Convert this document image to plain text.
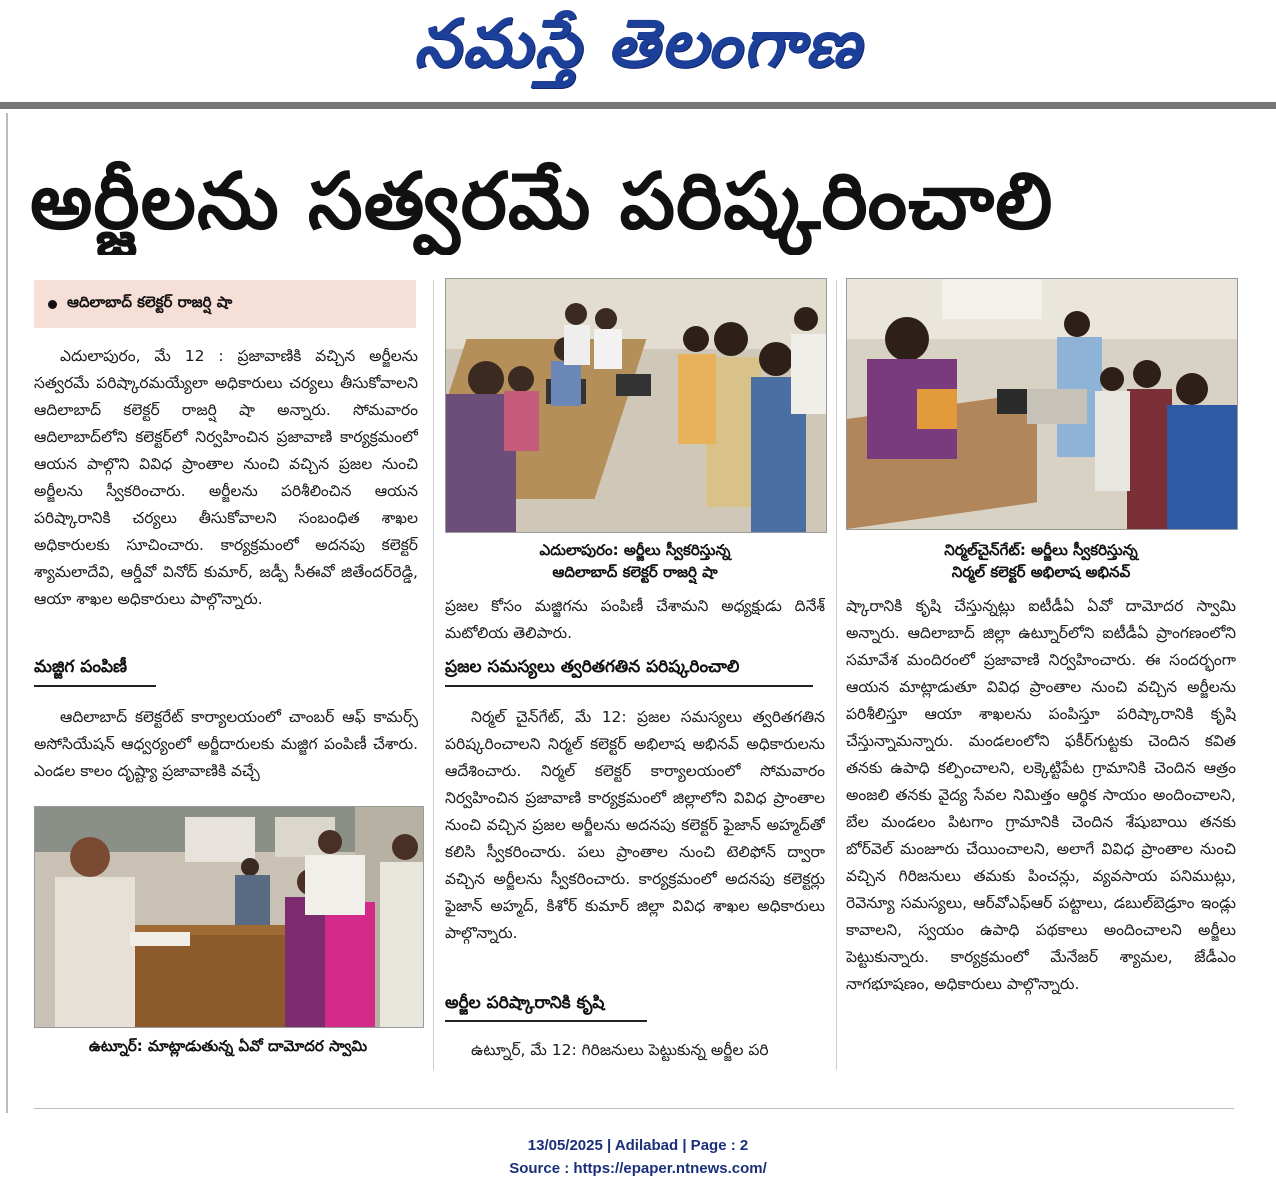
నమస్తే తెలంగాణ
అర్జీలను సత్వరమే పరిష్కరించాలి
ఆదిలాబాద్ కలెక్టర్ రాజర్షి షా

ఎదులాపురం, మే 12 : ప్రజావాణికి వచ్చిన అర్జీలను సత్వరమే పరిష్కారమయ్యేలా అధికారులు చర్యలు తీసుకోవాలని ఆదిలాబాద్ కలెక్టర్ రాజర్షి షా అన్నారు. సోమవారం ఆదిలాబాద్‌లోని కలెక్టర్‌లో నిర్వహించిన ప్రజావాణి కార్యక్రమంలో ఆయన పాల్గొని వివిధ ప్రాంతాల నుంచి వచ్చిన ప్రజల నుంచి అర్జీలను స్వీకరించారు. అర్జీలను పరిశీలించిన ఆయన పరిష్కారానికి చర్యలు తీసుకోవాలని సంబంధిత శాఖల అధికారులకు సూచించారు. కార్యక్రమంలో అదనపు కలెక్టర్ శ్యామలాదేవి, ఆర్డీవో వినోద్ కుమార్, జడ్పీ సీఈవో జితేందర్‌రెడ్డి, ఆయా శాఖల అధికారులు పాల్గొన్నారు.

మజ్జిగ పంపిణీ

ఆదిలాబాద్ కలెక్టరేట్ కార్యాలయంలో చాంబర్ ఆఫ్ కామర్స్ అసోసియేషన్ ఆధ్వర్యంలో అర్జీదారులకు మజ్జిగ పంపిణీ చేశారు. ఎండల కాలం దృష్ట్యా ప్రజావాణికి వచ్చే

ఉట్నూర్: మాట్లాడుతున్న ఏవో దామోదర స్వామి
ఎదులాపురం: అర్జీలు స్వీకరిస్తున్న
ఆదిలాబాద్ కలెక్టర్ రాజర్షి షా
నిర్మల్‌చైన్‌గేట్: అర్జీలు స్వీకరిస్తున్న
నిర్మల్ కలెక్టర్ అభిలాష అభినవ్

ప్రజల కోసం మజ్జిగను పంపిణీ చేశామని అధ్యక్షుడు దినేశ్ మటోలియ తెలిపారు.

ప్రజల సమస్యలు త్వరితగతిన పరిష్కరించాలి

నిర్మల్ చైన్‌గేట్, మే 12: ప్రజల సమస్యలు త్వరితగతిన పరిష్కరించాలని నిర్మల్ కలెక్టర్ అభిలాష అభినవ్ అధికారులను ఆదేశించారు. నిర్మల్ కలెక్టర్ కార్యాలయంలో సోమవారం నిర్వహించిన ప్రజావాణి కార్యక్రమంలో జిల్లాలోని వివిధ ప్రాంతాల నుంచి వచ్చిన ప్రజల అర్జీలను అదనపు కలెక్టర్ ఫైజాన్ అహ్మద్‌తో కలిసి స్వీకరించారు. పలు ప్రాంతాల నుంచి టెలిఫోన్ ద్వారా వచ్చిన అర్జీలను స్వీకరించారు. కార్యక్రమంలో అదనపు కలెక్టర్లు ఫైజాన్ అహ్మద్, కిశోర్ కుమార్ జిల్లా వివిధ శాఖల అధికారులు పాల్గొన్నారు.

అర్జీల పరిష్కారానికి కృషి

ఉట్నూర్, మే 12: గిరిజనులు పెట్టుకున్న అర్జీల పరి

ష్కారానికి కృషి చేస్తున్నట్లు ఐటీడీఏ ఏవో దామోదర స్వామి అన్నారు. ఆదిలాబాద్ జిల్లా ఉట్నూర్‌లోని ఐటీడీఏ ప్రాంగణంలోని సమావేశ మందిరంలో ప్రజావాణి నిర్వహించారు. ఈ సందర్భంగా ఆయన మాట్లాడుతూ వివిధ ప్రాంతాల నుంచి వచ్చిన అర్జీలను పరిశీలిస్తూ ఆయా శాఖలను పంపిస్తూ పరిష్కారానికి కృషి చేస్తున్నామన్నారు. మండలంలోని ఫకీర్‌గుట్టకు చెందిన కవిత తనకు ఉపాధి కల్పించాలని, లక్కెట్టిపేట గ్రామానికి చెందిన ఆత్రం అంజలి తనకు వైద్య సేవల నిమిత్తం ఆర్థిక సాయం అందించాలని, బేల మండలం పిటగాం గ్రామానికి చెందిన శేషుబాయి తనకు బోర్‌వెల్ మంజూరు చేయించాలని, అలాగే వివిధ ప్రాంతాల నుంచి వచ్చిన గిరిజనులు తమకు పించన్లు, వ్యవసాయ పనిముట్లు, రెవెన్యూ సమస్యలు, ఆర్‌వోఎఫ్‌ఆర్ పట్టాలు, డబుల్‌బెడ్రూం ఇండ్లు కావాలని, స్వయం ఉపాధి పథకాలు అందించాలని అర్జీలు పెట్టుకున్నారు. కార్యక్రమంలో మేనేజర్ శ్యామల, జేడీఎం నాగభూషణం, అధికారులు పాల్గొన్నారు.

13/05/2025 | Adilabad | Page : 2
Source : https://epaper.ntnews.com/
